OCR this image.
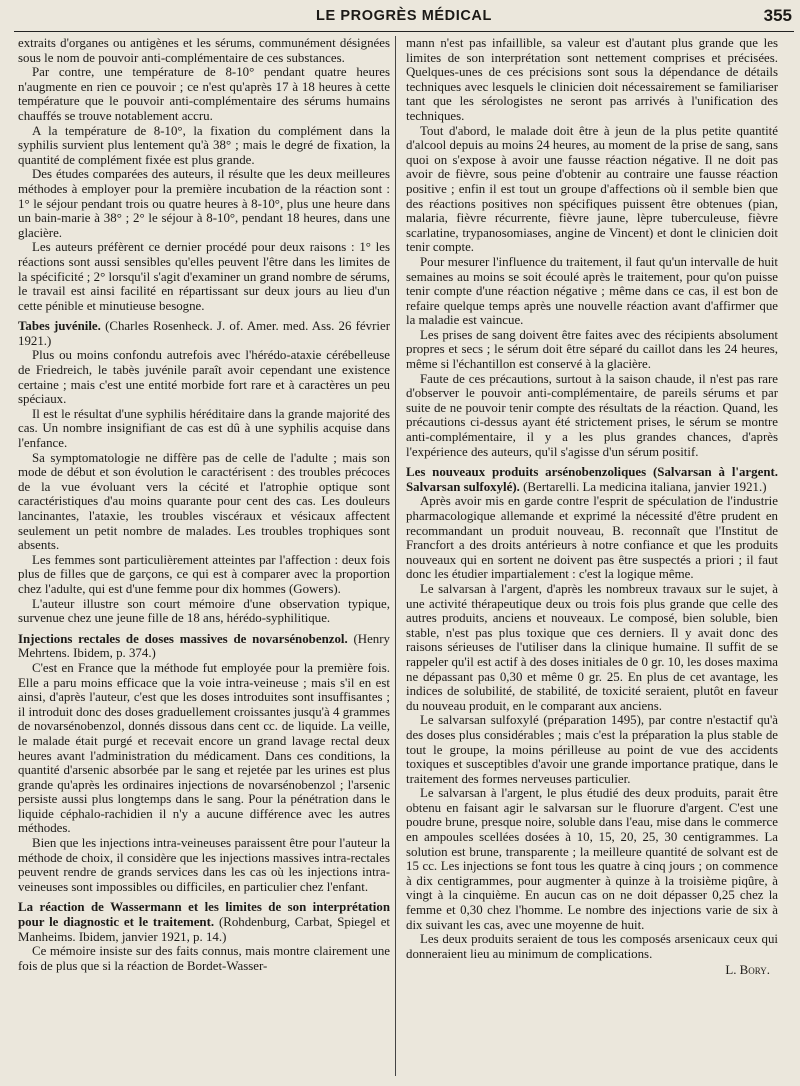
LE PROGRÈS MÉDICAL	355

extraits d'organes ou antigènes et les sérums, communément désignées sous le nom de pouvoir anti-complémentaire de ces substances.

Par contre, une température de 8-10° pendant quatre heures n'augmente en rien ce pouvoir ; ce n'est qu'après 17 à 18 heures à cette température que le pouvoir anti-complémentaire des sérums humains chauffés se trouve notablement accru.

A la température de 8-10°, la fixation du complément dans la syphilis survient plus lentement qu'à 38° ; mais le degré de fixation, la quantité de complément fixée est plus grande.

Des études comparées des auteurs, il résulte que les deux meilleures méthodes à employer pour la première incubation de la réaction sont : 1° le séjour pendant trois ou quatre heures à 8-10°, plus une heure dans un bain-marie à 38° ; 2° le séjour à 8-10°, pendant 18 heures, dans une glacière.

Les auteurs préfèrent ce dernier procédé pour deux raisons : 1° les réactions sont aussi sensibles qu'elles peuvent l'être dans les limites de la spécificité ; 2° lorsqu'il s'agit d'examiner un grand nombre de sérums, le travail est ainsi facilité en répartissant sur deux jours au lieu d'un cette pénible et minutieuse besogne.

Tabes juvénile. (Charles Rosenheck. J. of. Amer. med. Ass. 26 février 1921.)

Plus ou moins confondu autrefois avec l'hérédo-ataxie cérébelleuse de Friedreich, le tabès juvénile paraît avoir cependant une existence certaine ; mais c'est une entité morbide fort rare et à caractères un peu spéciaux.

Il est le résultat d'une syphilis héréditaire dans la grande majorité des cas. Un nombre insignifiant de cas est dû à une syphilis acquise dans l'enfance.

Sa symptomatologie ne diffère pas de celle de l'adulte ; mais son mode de début et son évolution le caractérisent : des troubles précoces de la vue évoluant vers la cécité et l'atrophie optique sont caractéristiques d'au moins quarante pour cent des cas. Les douleurs lancinantes, l'ataxie, les troubles viscéraux et vésicaux affectent seulement un petit nombre de malades. Les troubles trophiques sont absents.

Les femmes sont particulièrement atteintes par l'affection : deux fois plus de filles que de garçons, ce qui est à comparer avec la proportion chez l'adulte, qui est d'une femme pour dix hommes (Gowers).

L'auteur illustre son court mémoire d'une observation typique, survenue chez une jeune fille de 18 ans, hérédo-syphilitique.

Injections rectales de doses massives de novarsénobenzol. (Henry Mehrtens. Ibidem, p. 374.)

C'est en France que la méthode fut employée pour la première fois. Elle a paru moins efficace que la voie intra-veineuse ; mais s'il en est ainsi, d'après l'auteur, c'est que les doses introduites sont insuffisantes ; il introduit donc des doses graduellement croissantes jusqu'à 4 grammes de novarsénobenzol, donnés dissous dans cent cc. de liquide. La veille, le malade était purgé et recevait encore un grand lavage rectal deux heures avant l'administration du médicament. Dans ces conditions, la quantité d'arsenic absorbée par le sang et rejetée par les urines est plus grande qu'après les ordinaires injections de novarsénobenzol ; l'arsenic persiste aussi plus longtemps dans le sang. Pour la pénétration dans le liquide céphalo-rachidien il n'y a aucune différence avec les autres méthodes.

Bien que les injections intra-veineuses paraissent être pour l'auteur la méthode de choix, il considère que les injections massives intra-rectales peuvent rendre de grands services dans les cas où les injections intra-veineuses sont impossibles ou difficiles, en particulier chez l'enfant.

La réaction de Wassermann et les limites de son interprétation pour le diagnostic et le traitement. (Rohdenburg, Carbat, Spiegel et Manheims. Ibidem, janvier 1921, p. 14.)

Ce mémoire insiste sur des faits connus, mais montre clairement une fois de plus que si la réaction de Bordet-Wasser-

mann n'est pas infaillible, sa valeur est d'autant plus grande que les limites de son interprétation sont nettement comprises et précisées. Quelques-unes de ces précisions sont sous la dépendance de détails techniques avec lesquels le clinicien doit nécessairement se familiariser tant que les sérologistes ne seront pas arrivés à l'unification des techniques.

Tout d'abord, le malade doit être à jeun de la plus petite quantité d'alcool depuis au moins 24 heures, au moment de la prise de sang, sans quoi on s'expose à avoir une fausse réaction négative. Il ne doit pas avoir de fièvre, sous peine d'obtenir au contraire une fausse réaction positive ; enfin il est tout un groupe d'affections où il semble bien que des réactions positives non spécifiques puissent être obtenues (pian, malaria, fièvre récurrente, fièvre jaune, lèpre tuberculeuse, fièvre scarlatine, trypanosomiases, angine de Vincent) et dont le clinicien doit tenir compte.

Pour mesurer l'influence du traitement, il faut qu'un intervalle de huit semaines au moins se soit écoulé après le traitement, pour qu'on puisse tenir compte d'une réaction négative ; même dans ce cas, il est bon de refaire quelque temps après une nouvelle réaction avant d'affirmer que la maladie est vaincue.

Les prises de sang doivent être faites avec des récipients absolument propres et secs ; le sérum doit être séparé du caillot dans les 24 heures, même si l'échantillon est conservé à la glacière.

Faute de ces précautions, surtout à la saison chaude, il n'est pas rare d'observer le pouvoir anti-complémentaire, de pareils sérums et par suite de ne pouvoir tenir compte des résultats de la réaction. Quand, les précautions ci-dessus ayant été strictement prises, le sérum se montre anti-complémentaire, il y a les plus grandes chances, d'après l'expérience des auteurs, qu'il s'agisse d'un sérum positif.

Les nouveaux produits arsénobenzoliques (Salvarsan à l'argent. Salvarsan sulfoxylé). (Bertarelli. La medicina italiana, janvier 1921.)

Après avoir mis en garde contre l'esprit de spéculation de l'industrie pharmacologique allemande et exprimé la nécessité d'être prudent en recommandant un produit nouveau, B. reconnaît que l'Institut de Francfort a des droits antérieurs à notre confiance et que les produits nouveaux qui en sortent ne doivent pas être suspectés a priori ; il faut donc les étudier impartialement : c'est la logique même.

Le salvarsan à l'argent, d'après les nombreux travaux sur le sujet, à une activité thérapeutique deux ou trois fois plus grande que celle des autres produits, anciens et nouveaux. Le composé, bien soluble, bien stable, n'est pas plus toxique que ces derniers. Il y avait donc des raisons sérieuses de l'utiliser dans la clinique humaine. Il suffit de se rappeler qu'il est actif à des doses initiales de 0 gr. 10, les doses maxima ne dépassant pas 0,30 et même 0 gr. 25. En plus de cet avantage, les indices de solubilité, de stabilité, de toxicité seraient, plutôt en faveur du nouveau produit, en le comparant aux anciens.

Le salvarsan sulfoxylé (préparation 1495), par contre n'estactif qu'à des doses plus considérables ; mais c'est la préparation la plus stable de tout le groupe, la moins périlleuse au point de vue des accidents toxiques et susceptibles d'avoir une grande importance pratique, dans le traitement des formes nerveuses particulier.

Le salvarsan à l'argent, le plus étudié des deux produits, parait être obtenu en faisant agir le salvarsan sur le fluorure d'argent. C'est une poudre brune, presque noire, soluble dans l'eau, mise dans le commerce en ampoules scellées dosées à 10, 15, 20, 25, 30 centigrammes. La solution est brune, transparente ; la meilleure quantité de solvant est de 15 cc. Les injections se font tous les quatre à cinq jours ; on commence à dix centigrammes, pour augmenter à quinze à la troisième piqûre, à vingt à la cinquième. En aucun cas on ne doit dépasser 0,25 chez la femme et 0,30 chez l'homme. Le nombre des injections varie de six à dix suivant les cas, avec une moyenne de huit.

Les deux produits seraient de tous les composés arsenicaux ceux qui donneraient lieu au minimum de complications.

L. Bory.
